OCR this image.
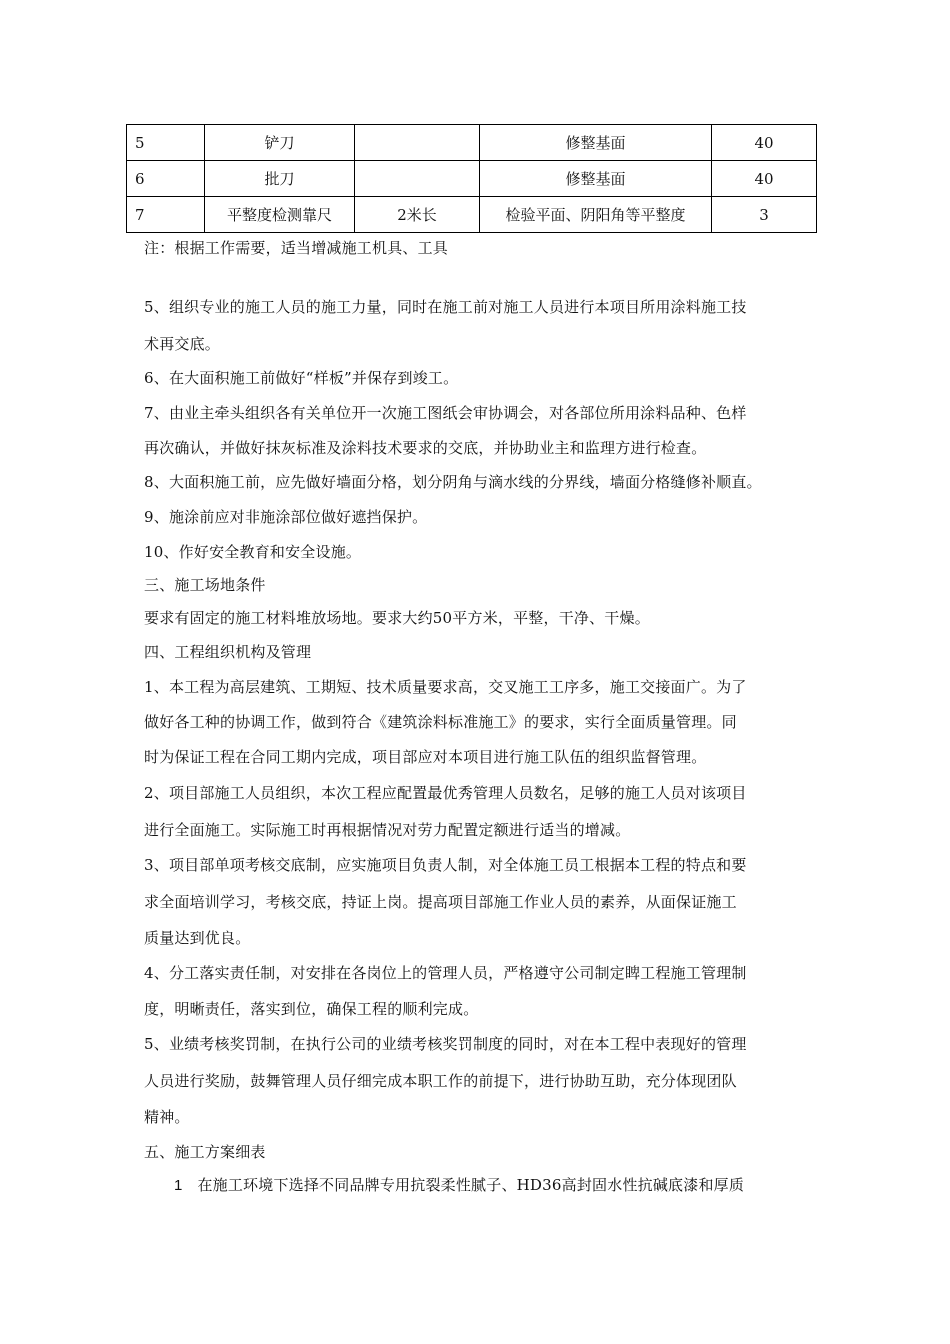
5	铲刀		修整基面	40
6	批刀		修整基面	40
7	平整度检测靠尺	2米长	检验平面、阴阳角等平整度	3
注：根据工作需要，适当增减施工机具、工具
5、组织专业的施工人员的施工力量，同时在施工前对施工人员进行本项目所用涂料施工技
术再交底。
6、在大面积施工前做好“样板”并保存到竣工。
7、由业主牵头组织各有关单位开一次施工图纸会审协调会，对各部位所用涂料品种、色样
再次确认，并做好抹灰标准及涂料技术要求的交底，并协助业主和监理方进行检查。
8、大面积施工前，应先做好墙面分格，划分阴角与滴水线的分界线，墙面分格缝修补顺直。
9、施涂前应对非施涂部位做好遮挡保护。
10、作好安全教育和安全设施。
三、施工场地条件
要求有固定的施工材料堆放场地。要求大约50平方米，平整，干净、干燥。
四、工程组织机构及管理
1、本工程为高层建筑、工期短、技术质量要求高，交叉施工工序多，施工交接面广。为了
做好各工种的协调工作，做到符合《建筑涂料标准施工》的要求，实行全面质量管理。同
时为保证工程在合同工期内完成，项目部应对本项目进行施工队伍的组织监督管理。
2、项目部施工人员组织，本次工程应配置最优秀管理人员数名，足够的施工人员对该项目
进行全面施工。实际施工时再根据情况对劳力配置定额进行适当的增减。
3、项目部单项考核交底制，应实施项目负责人制，对全体施工员工根据本工程的特点和要
求全面培训学习，考核交底，持证上岗。提高项目部施工作业人员的素养，从面保证施工
质量达到优良。
4、分工落实责任制，对安排在各岗位上的管理人员，严格遵守公司制定睥工程施工管理制
度，明晰责任，落实到位，确保工程的顺利完成。
5、业绩考核奖罚制，在执行公司的业绩考核奖罚制度的同时，对在本工程中表现好的管理
人员进行奖励，鼓舞管理人员仔细完成本职工作的前提下，进行协助互助，充分体现团队
精神。
五、施工方案细表
1 在施工环境下选择不同品牌专用抗裂柔性腻子、HD36高封固水性抗碱底漆和厚质
